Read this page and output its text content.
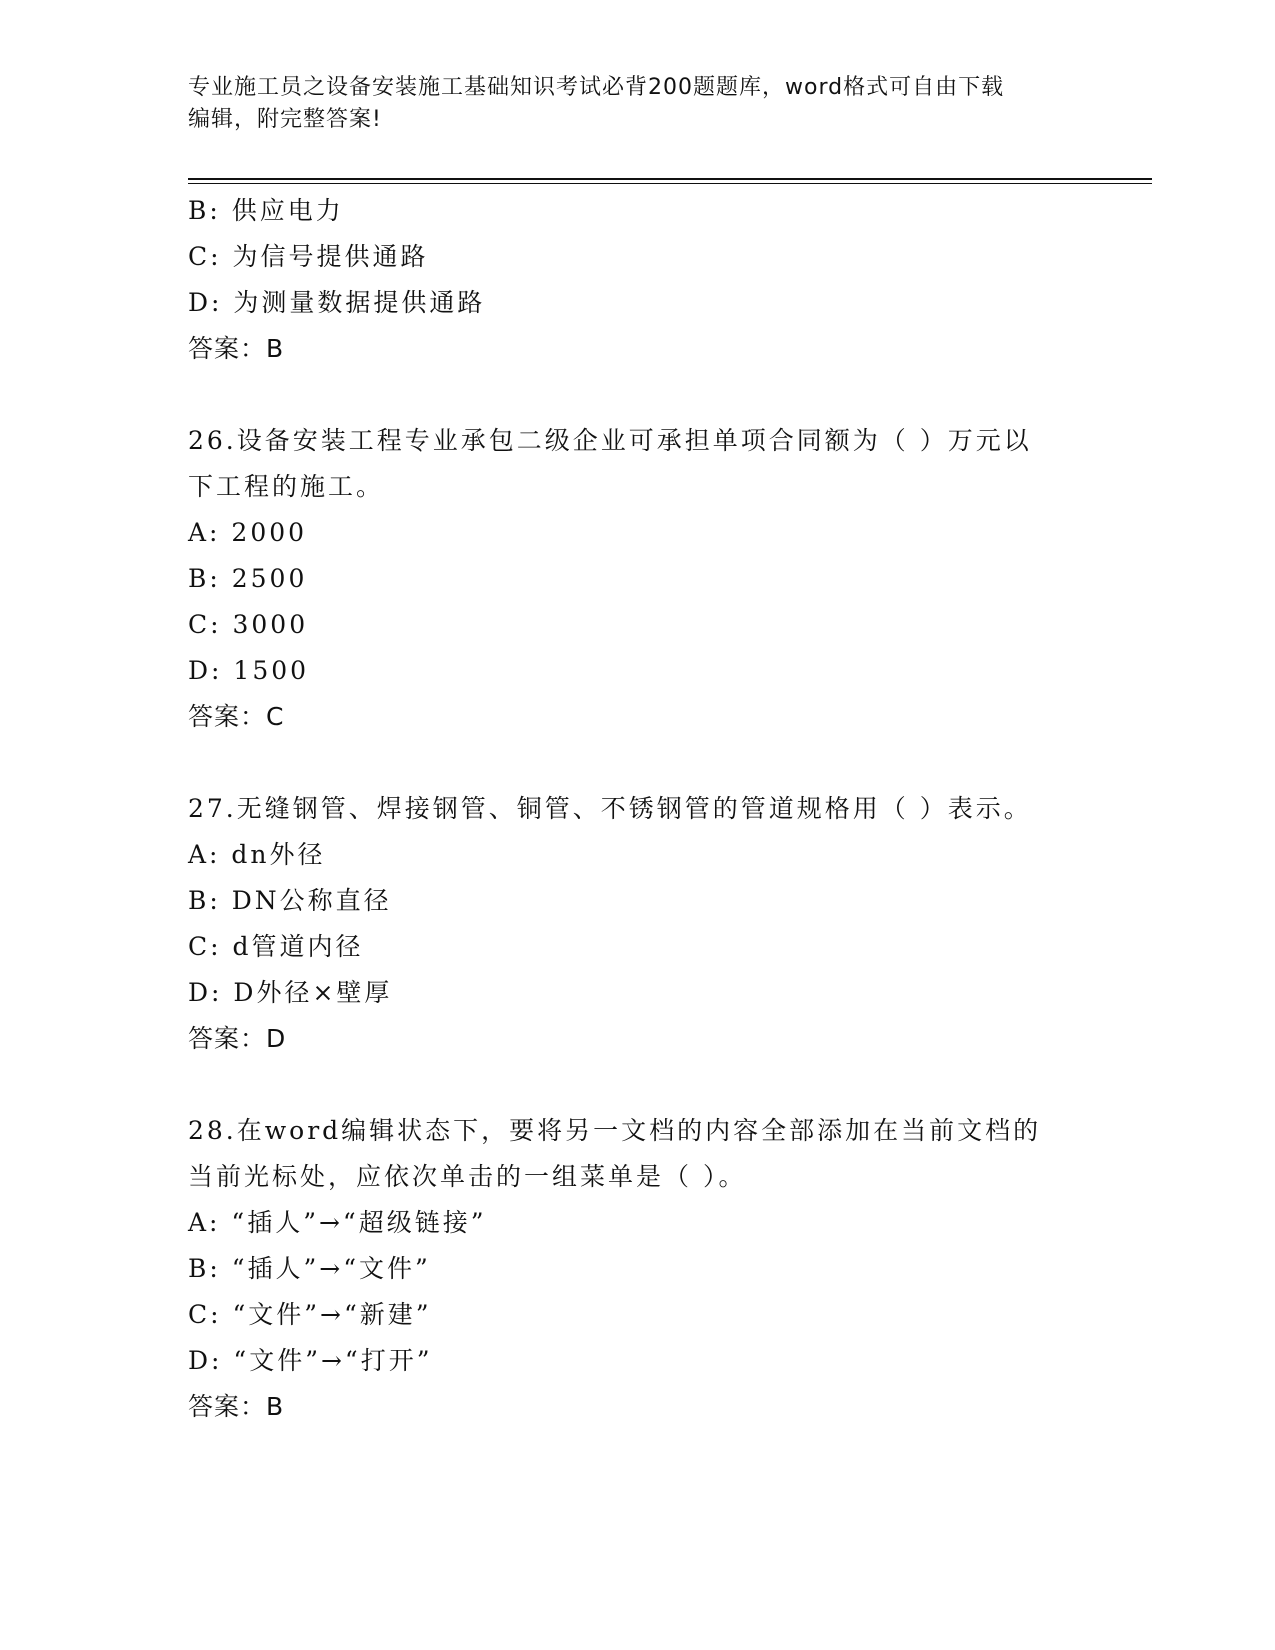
专业施工员之设备安装施工基础知识考试必背200题题库，word格式可自由下载
编辑，附完整答案!
B: 供应电力
C: 为信号提供通路
D: 为测量数据提供通路
答案：B
26.设备安装工程专业承包二级企业可承担单项合同额为（ ）万元以
下工程的施工。
A: 2000
B: 2500
C: 3000
D: 1500
答案：C
27.无缝钢管、焊接钢管、铜管、不锈钢管的管道规格用（ ）表示。
A: dn外径
B: DN公称直径
C: d管道内径
D: D外径×壁厚
答案：D
28.在word编辑状态下，要将另一文档的内容全部添加在当前文档的
当前光标处，应依次单击的一组菜单是（ ）。
A: “插人”→“超级链接”
B: “插人”→“文件”
C: “文件”→“新建”
D: “文件”→“打开”
答案：B
